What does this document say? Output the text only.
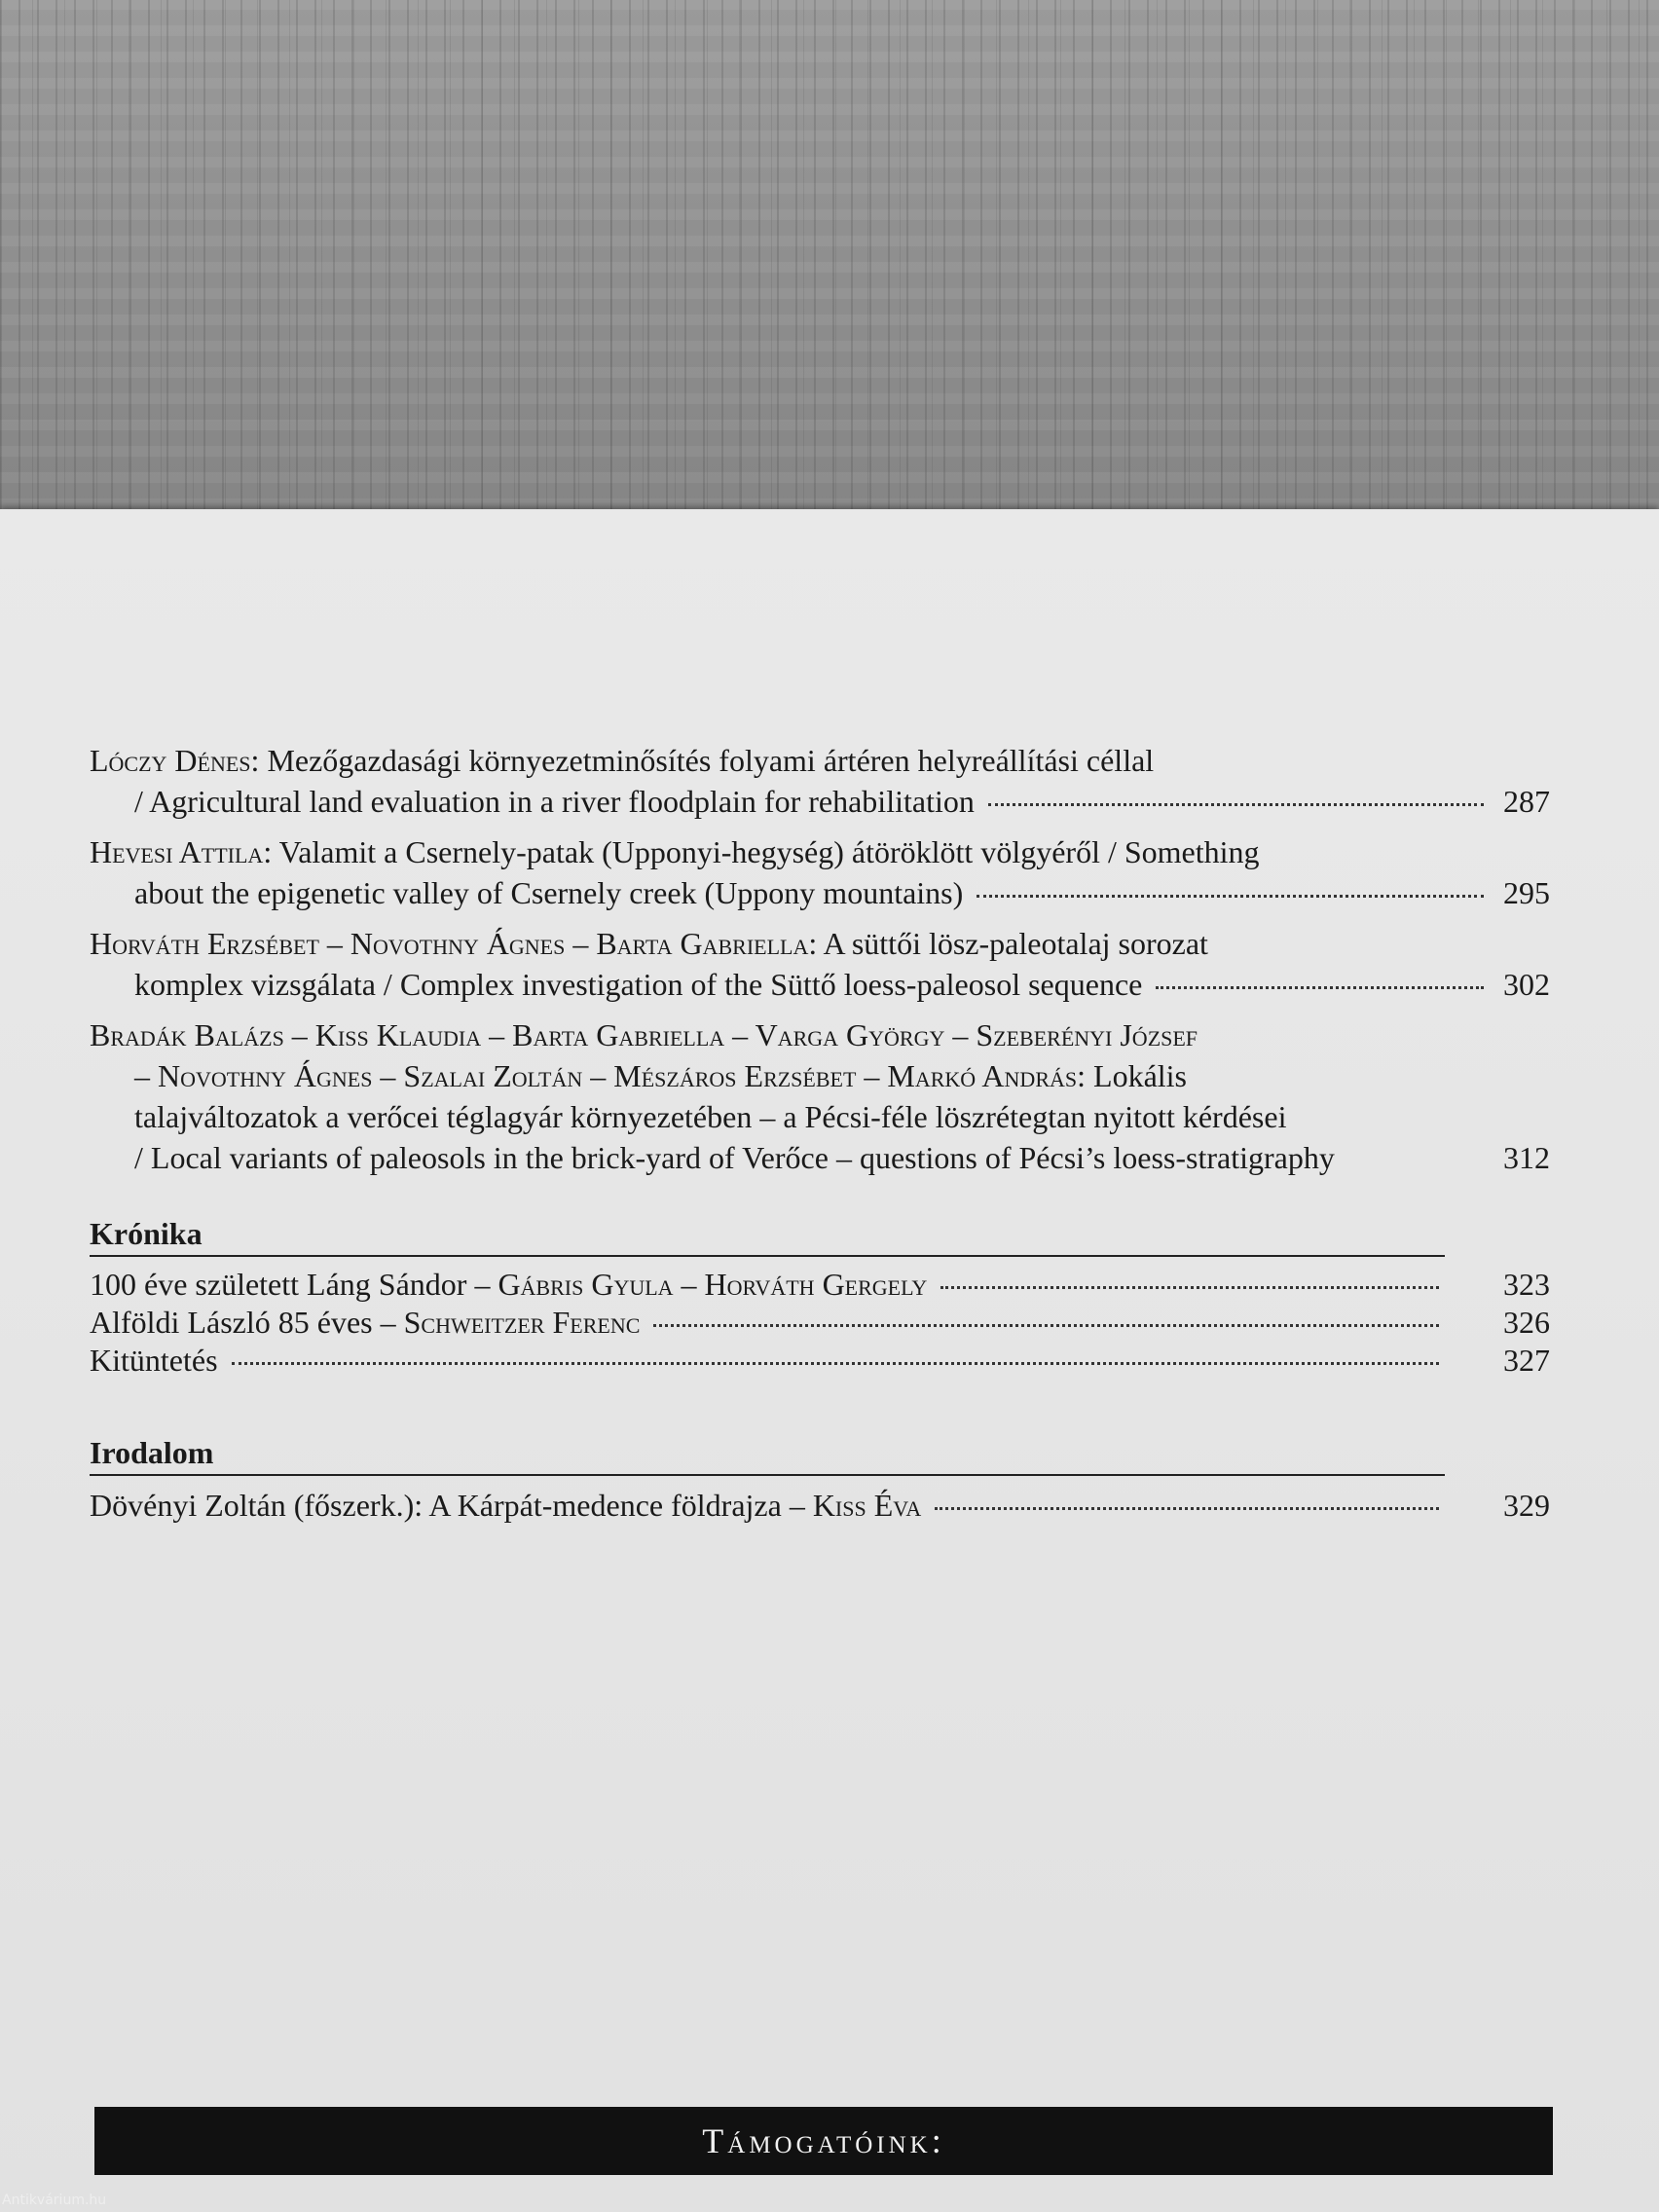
Lóczy Dénes: Mezőgazdasági környezetminősítés folyami ártéren helyreállítási céllal
/ Agricultural land evaluation in a river floodplain for rehabilitation	287
Hevesi Attila: Valamit a Csernely-patak (Upponyi-hegység) átöröklött völgyéről / Something
about the epigenetic valley of Csernely creek (Uppony mountains)	295
Horváth Erzsébet – Novothny Ágnes – Barta Gabriella: A süttői lösz-paleotalaj sorozat
komplex vizsgálata / Complex investigation of the Süttő loess-paleosol sequence	302
Bradák Balázs – Kiss Klaudia – Barta Gabriella – Varga György – Szeberényi József
– Novothny Ágnes – Szalai Zoltán – Mészáros Erzsébet – Markó András: Lokális
talajváltozatok a verőcei téglagyár környezetében – a Pécsi-féle löszrétegtan nyitott kérdései
/ Local variants of paleosols in the brick-yard of Verőce – questions of Pécsi’s loess-stratigraphy	312
Krónika
100 éve született Láng Sándor – Gábris Gyula – Horváth Gergely	323
Alföldi László 85 éves – Schweitzer Ferenc	326
Kitüntetés	327
Irodalom
Dövényi Zoltán (főszerk.): A Kárpát-medence földrajza – Kiss Éva	329
Támogatóink:
Antikvárium.hu
